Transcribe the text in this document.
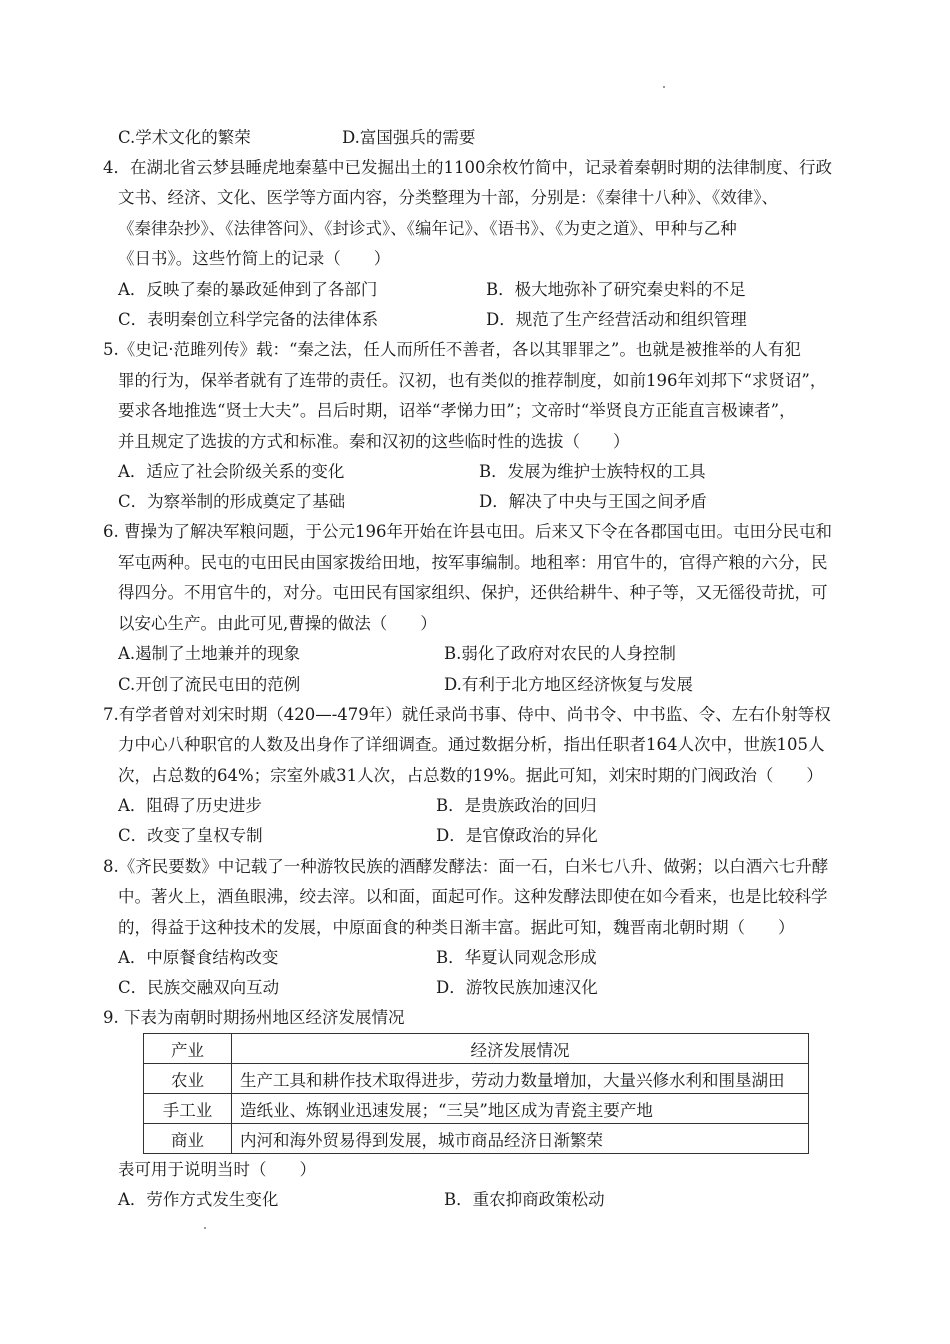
C.学术文化的繁荣	D.富国强兵的需要
4．在湖北省云梦县睡虎地秦墓中已发掘出土的1100余枚竹简中，记录着秦朝时期的法律制度、行政
文书、经济、文化、医学等方面内容，分类整理为十部，分别是：《秦律十八种》、《效律》、
《秦律杂抄》、《法律答问》、《封诊式》、《编年记》、《语书》、《为吏之道》、甲种与乙种
《日书》。这些竹简上的记录（　　）
A．反映了秦的暴政延伸到了各部门	B．极大地弥补了研究秦史料的不足
C．表明秦创立科学完备的法律体系	D．规范了生产经营活动和组织管理
5.《史记·范雎列传》载：“秦之法，任人而所任不善者，各以其罪罪之”。也就是被推举的人有犯
罪的行为，保举者就有了连带的责任。汉初，也有类似的推荐制度，如前196年刘邦下“求贤诏”，
要求各地推选“贤士大夫”。吕后时期，诏举“孝悌力田”；文帝时“举贤良方正能直言极谏者”，
并且规定了选拔的方式和标准。秦和汉初的这些临时性的选拔（　　）
A．适应了社会阶级关系的变化	B．发展为维护士族特权的工具
C．为察举制的形成奠定了基础	D．解决了中央与王国之间矛盾
6. 曹操为了解决军粮问题，于公元196年开始在许县屯田。后来又下令在各郡国屯田。屯田分民屯和
军屯两种。民屯的屯田民由国家拨给田地，按军事编制。地租率：用官牛的，官得产粮的六分，民
得四分。不用官牛的，对分。屯田民有国家组织、保护，还供给耕牛、种子等，又无徭役苛扰，可
以安心生产。由此可见,曹操的做法（　　）
A.遏制了土地兼并的现象	B.弱化了政府对农民的人身控制
C.开创了流民屯田的范例	D.有利于北方地区经济恢复与发展
7.有学者曾对刘宋时期（420—-479年）就任录尚书事、侍中、尚书令、中书监、令、左右仆射等权
力中心八种职官的人数及出身作了详细调查。通过数据分析，指出任职者164人次中，世族105人
次，占总数的64%；宗室外戚31人次，占总数的19%。据此可知，刘宋时期的门阀政治（　　）
A．阻碍了历史进步	B．是贵族政治的回归
C．改变了皇权专制	D．是官僚政治的异化
8.《齐民要数》中记载了一种游牧民族的酒酵发酵法：面一石，白米七八升、做粥；以白酒六七升酵
中。著火上，酒鱼眼沸，绞去滓。以和面，面起可作。这种发酵法即使在如今看来，也是比较科学
的，得益于这种技术的发展，中原面食的种类日渐丰富。据此可知，魏晋南北朝时期（　　）
A．中原餐食结构改变	B．华夏认同观念形成
C．民族交融双向互动	D．游牧民族加速汉化
9. 下表为南朝时期扬州地区经济发展情况
产业	经济发展情况
农业	生产工具和耕作技术取得进步，劳动力数量增加，大量兴修水利和围垦湖田
手工业	造纸业、炼钢业迅速发展；“三吴”地区成为青瓷主要产地
商业	内河和海外贸易得到发展，城市商品经济日渐繁荣
表可用于说明当时（　　）
A．劳作方式发生变化	B．重农抑商政策松动
